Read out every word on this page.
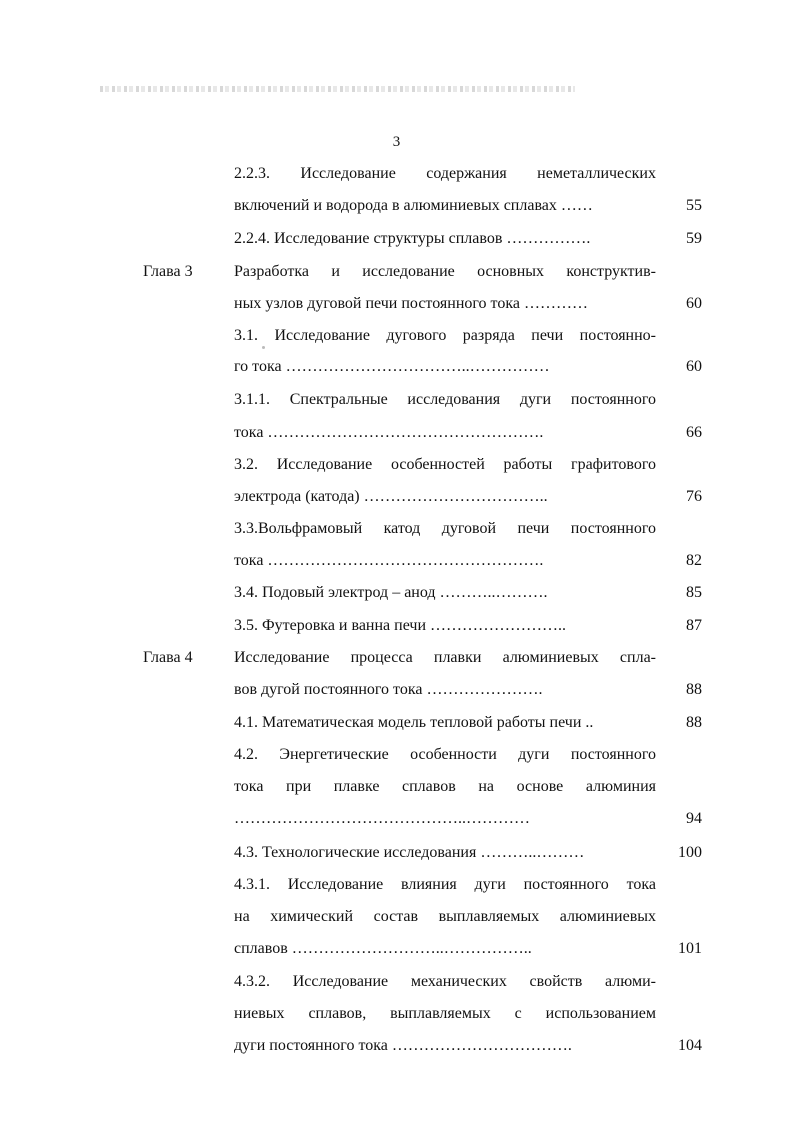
3
2.2.3. Исследование содержания неметаллических
включений и водорода в алюминиевых сплавах ……	55
2.2.4. Исследование структуры сплавов …………….	59
Глава 3	Разработка и исследование основных конструктив-
ных узлов дуговой печи постоянного тока …………	60
3.1. Исследование дугового разряда печи постоянно-
го тока ……………………………..……………	60
3.1.1. Спектральные исследования дуги постоянного
тока …………………………………………….	66
3.2. Исследование особенностей работы графитового
электрода (катода) ……………………………..	76
3.3.Вольфрамовый катод дуговой печи постоянного
тока …………………………………………….	82
3.4. Подовый электрод – анод ………..……….	85
3.5. Футеровка и ванна печи ……………………..	87
Глава 4	Исследование процесса плавки алюминиевых спла-
вов дугой постоянного тока ………………….	88
4.1. Математическая модель тепловой работы печи ..	88
4.2. Энергетические особенности дуги постоянного
тока при плавке сплавов на основе алюминия
……………………………………..…………	94
4.3. Технологические исследования ………..………	100
4.3.1. Исследование влияния дуги постоянного тока
на химический состав выплавляемых алюминиевых
сплавов ………………………..……………..	101
4.3.2. Исследование механических свойств алюми-
ниевых сплавов, выплавляемых с использованием
дуги постоянного тока …………………………….	104
